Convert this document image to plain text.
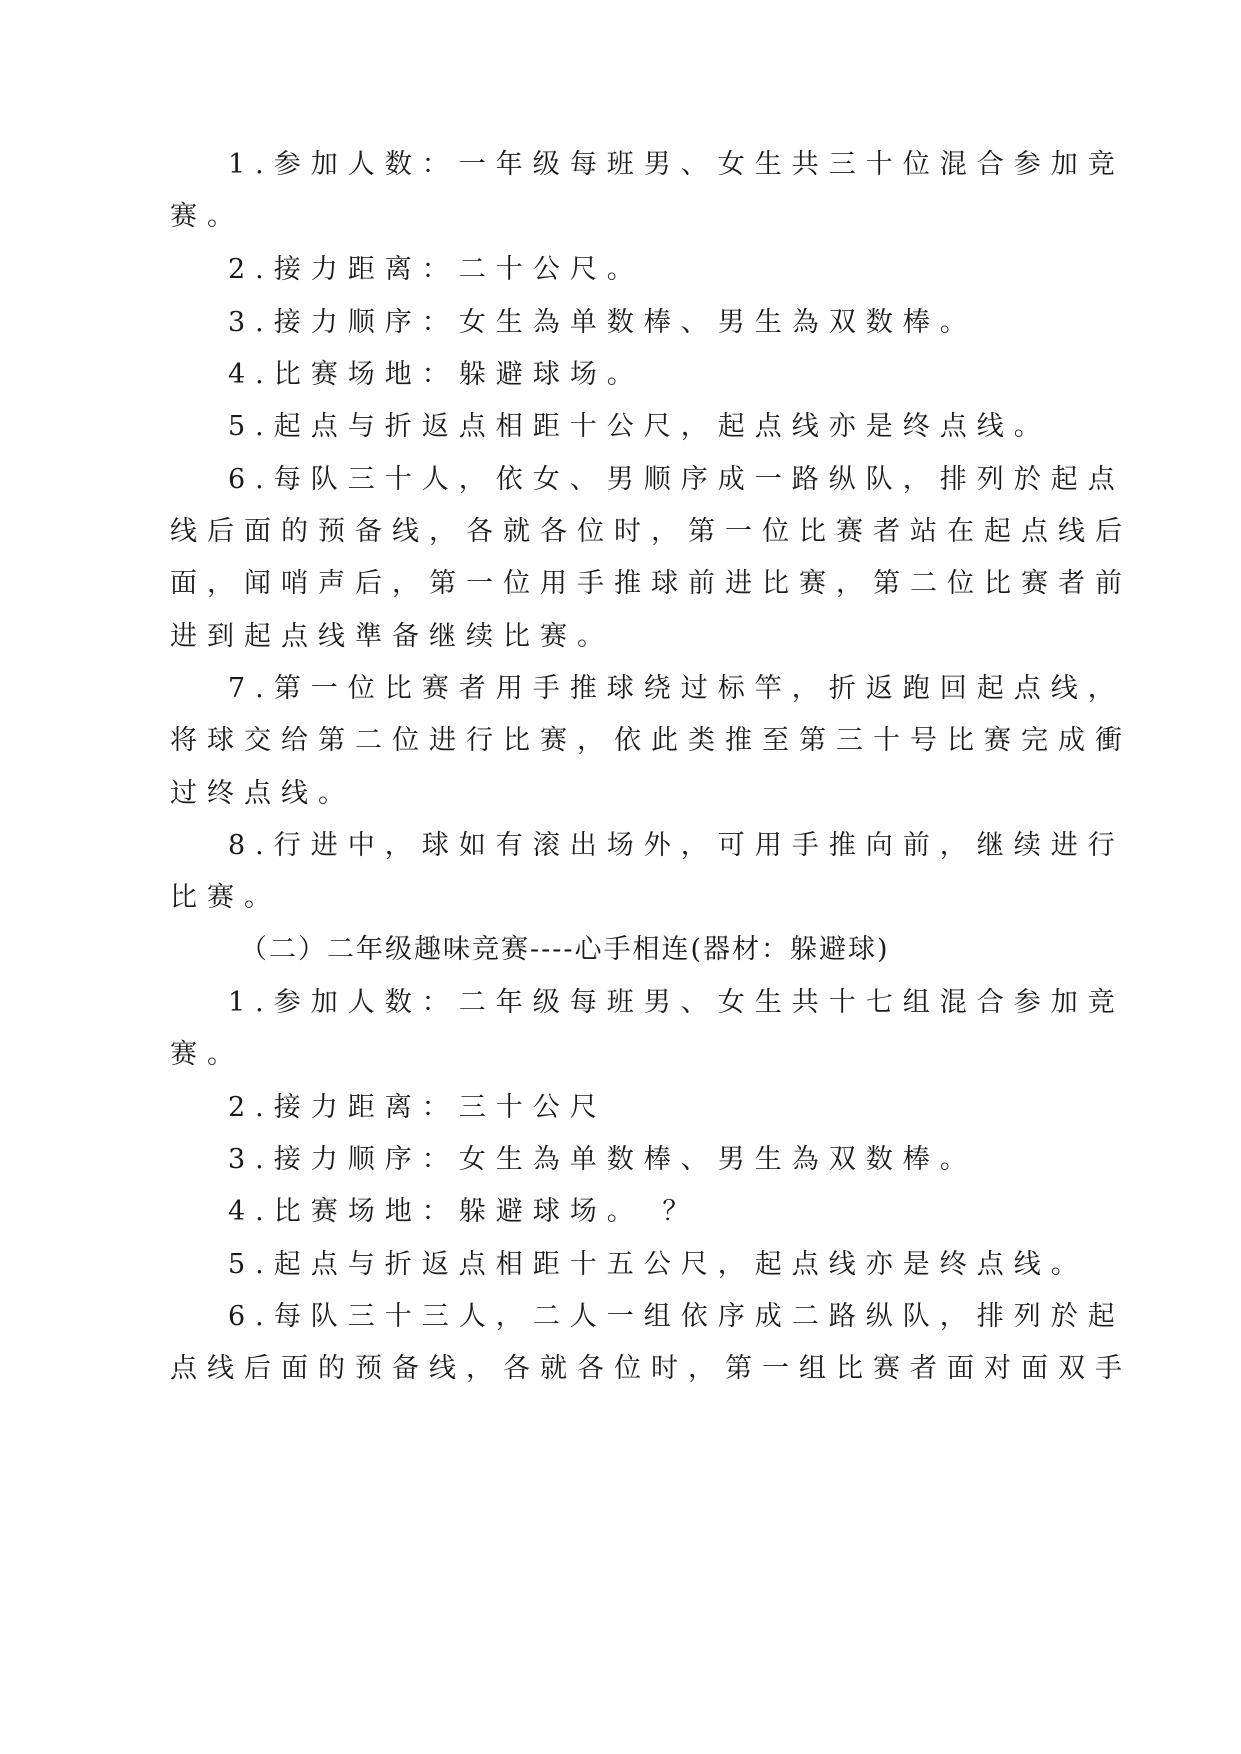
1.参加人数：一年级每班男、女生共三十位混合参加竞
赛。
2.接力距离：二十公尺。
3.接力顺序：女生為单数棒、男生為双数棒。
4.比赛场地：躲避球场。
5.起点与折返点相距十公尺，起点线亦是终点线。
6.每队三十人，依女、男顺序成一路纵队，排列於起点
线后面的预备线，各就各位时，第一位比赛者站在起点线后
面，闻哨声后，第一位用手推球前进比赛，第二位比赛者前
进到起点线準备继续比赛。
7.第一位比赛者用手推球绕过标竿，折返跑回起点线，
将球交给第二位进行比赛，依此类推至第三十号比赛完成衝
过终点线。
8.行进中，球如有滚出场外，可用手推向前，继续进行
比赛。
（二）二年级趣味竞赛----心手相连(器材：躲避球)
1.参加人数：二年级每班男、女生共十七组混合参加竞
赛。
2.接力距离：三十公尺
3.接力顺序：女生為单数棒、男生為双数棒。
4.比赛场地：躲避球场。 ？
5.起点与折返点相距十五公尺，起点线亦是终点线。
6.每队三十三人，二人一组依序成二路纵队，排列於起
点线后面的预备线，各就各位时，第一组比赛者面对面双手
